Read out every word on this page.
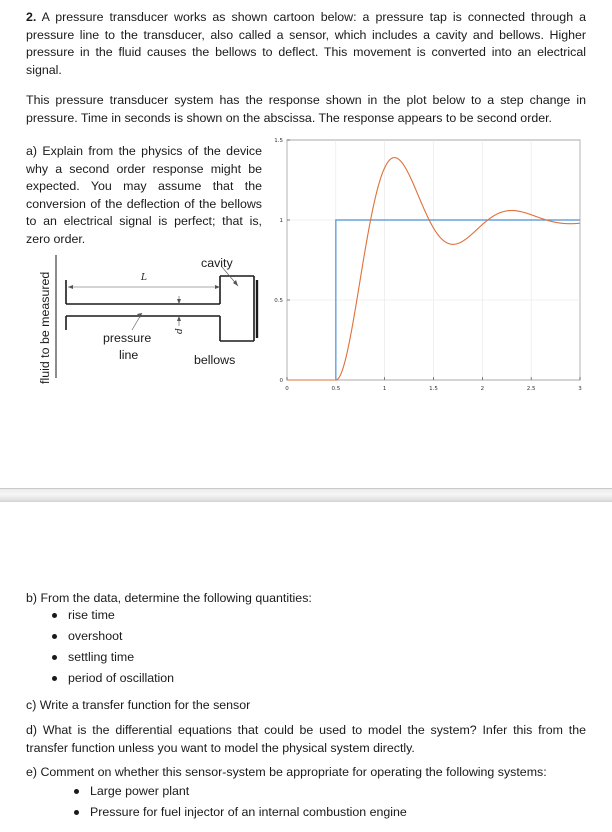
2. A pressure transducer works as shown cartoon below: a pressure tap is connected through a pressure line to the transducer, also called a sensor, which includes a cavity and bellows. Higher pressure in the fluid causes the bellows to deflect. This movement is converted into an electrical signal.
This pressure transducer system has the response shown in the plot below to a step change in pressure. Time in seconds is shown on the abscissa. The response appears to be second order.
a) Explain from the physics of the device why a second order response might be expected. You may assume that the conversion of the deflection of the bellows to an electrical signal is perfect; that is, zero order.
fluid to be measured	L
d
cavity
pressure
line	bellows
0
0.5
1
1.5
0	0.5	1	1.5	2	2.5	3
b) From the data, determine the following quantities:
rise time
overshoot
settling time
period of oscillation
c) Write a transfer function for the sensor
d) What is the differential equations that could be used to model the system? Infer this from the transfer function unless you want to model the physical system directly.
e) Comment on whether this sensor-system be appropriate for operating the following systems:
Large power plant
Pressure for fuel injector of an internal combustion engine
